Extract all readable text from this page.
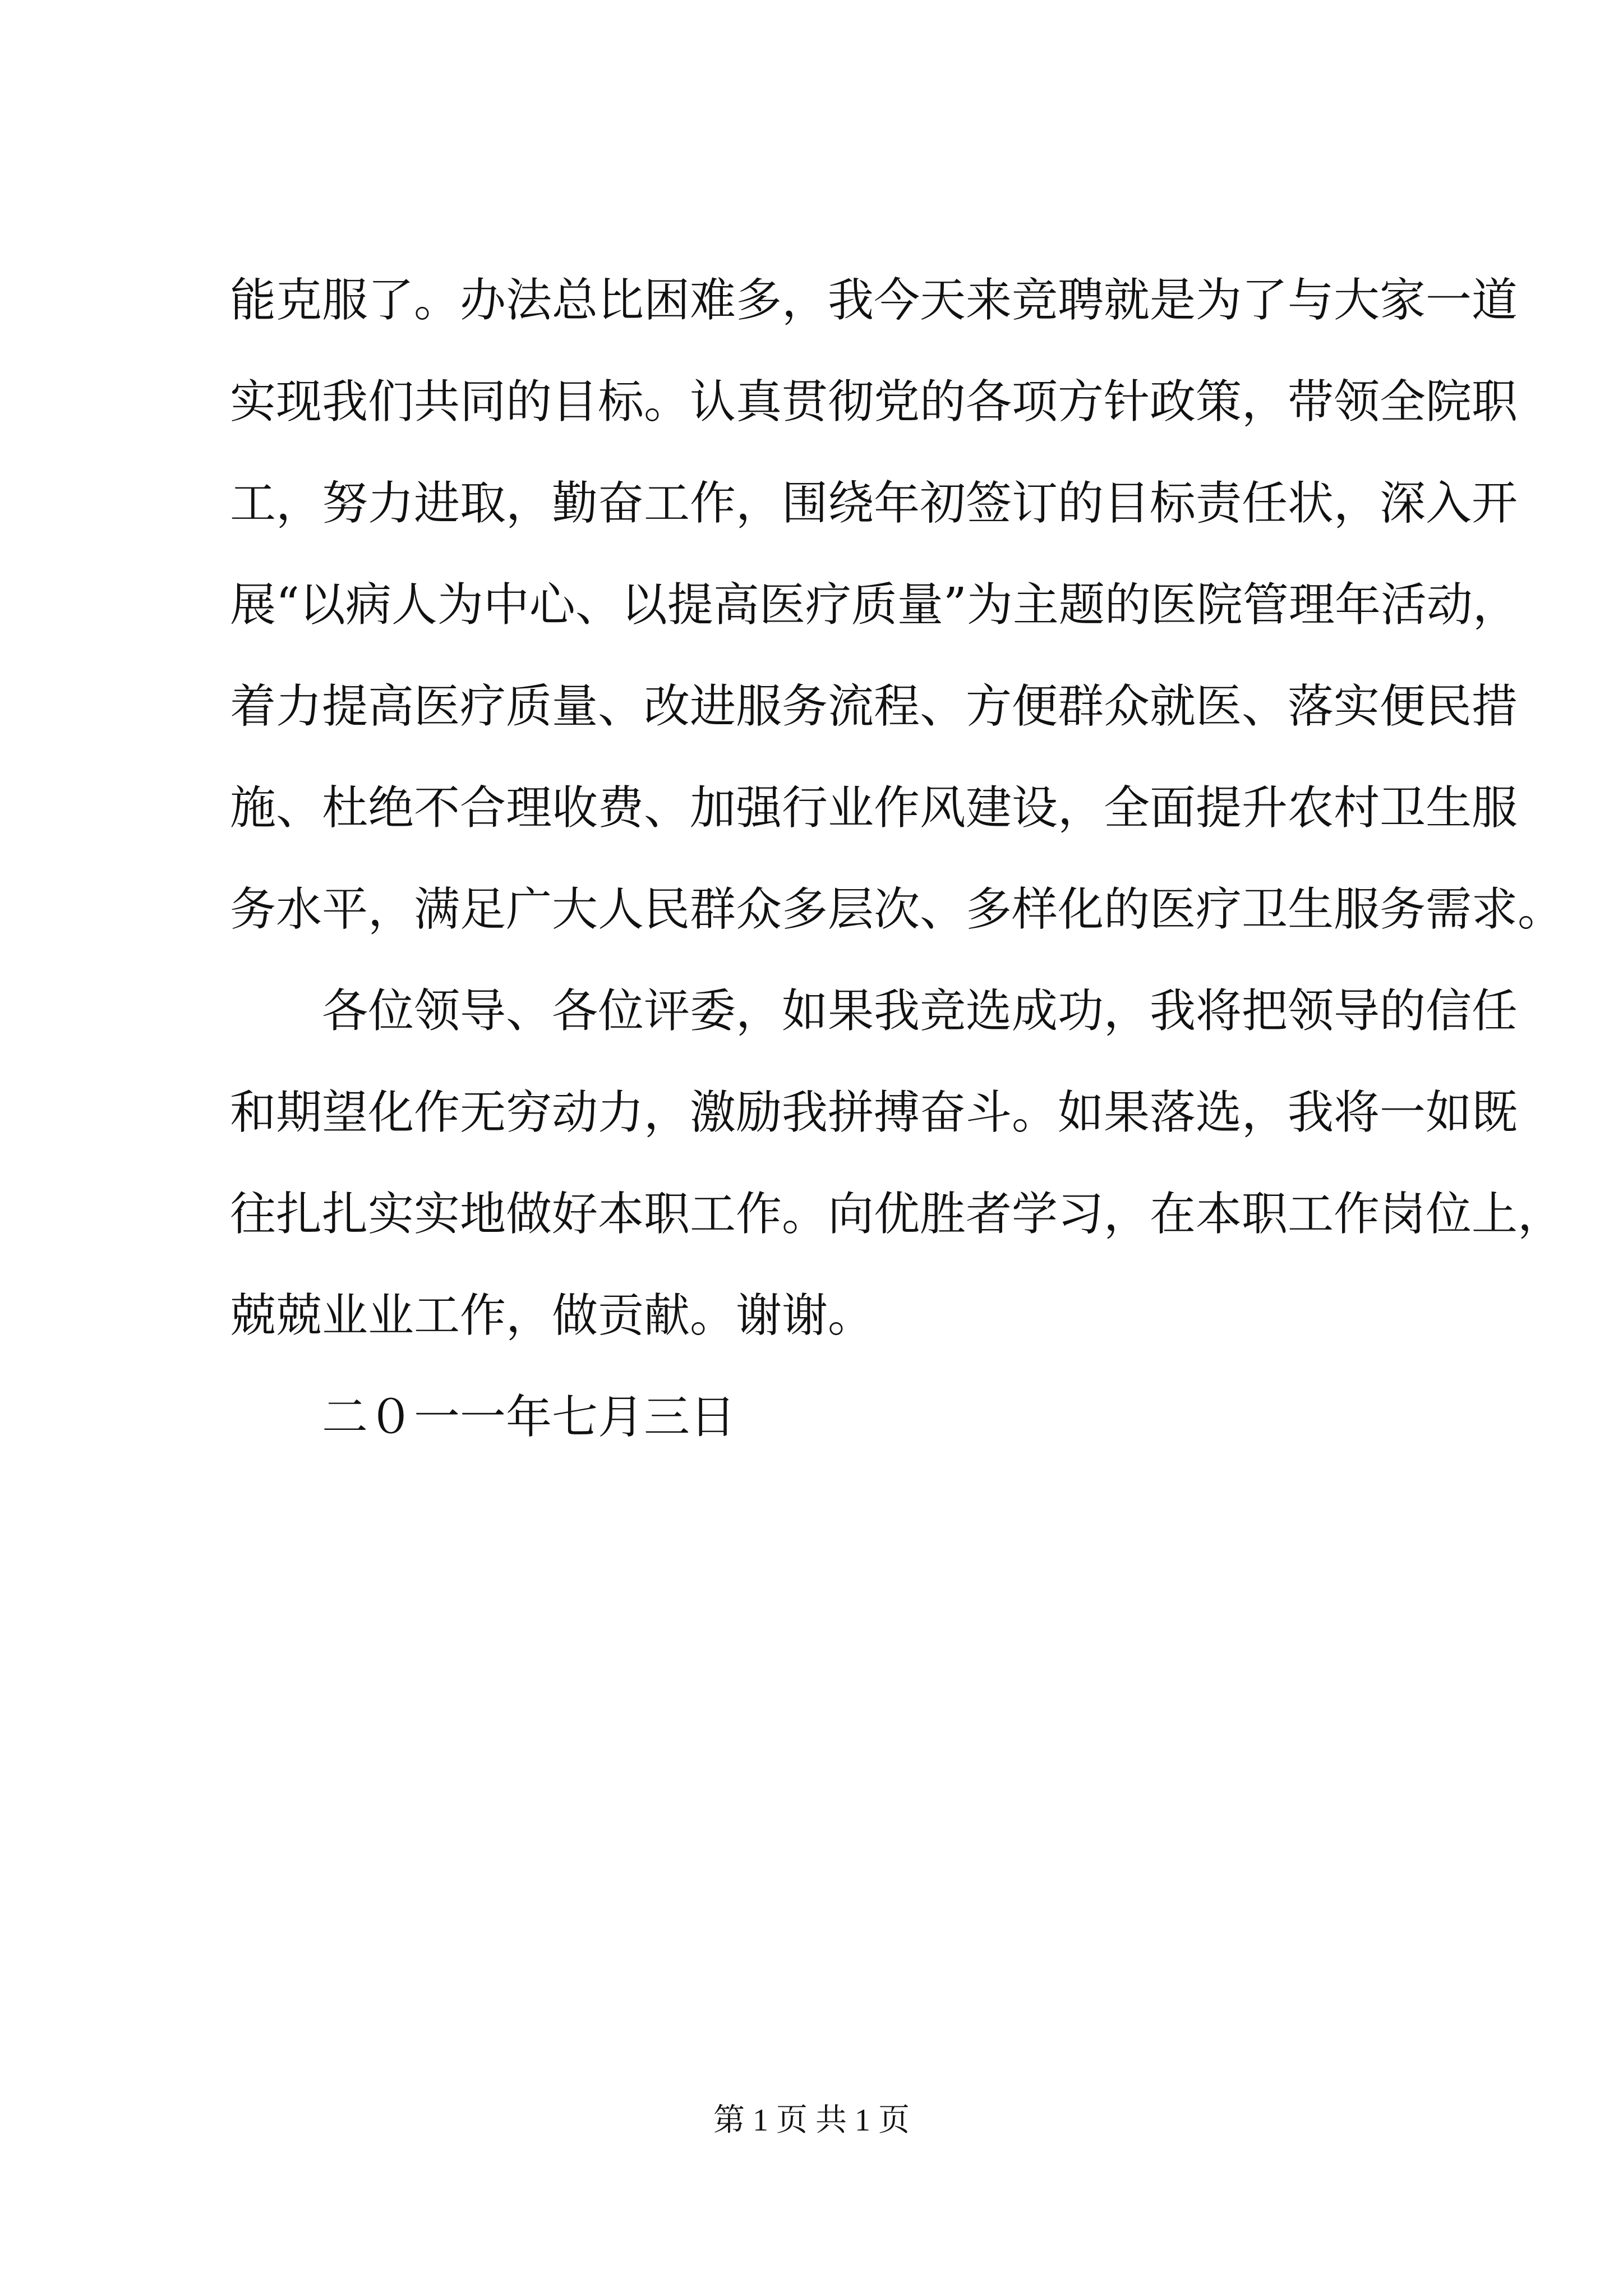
能克服了。办法总比困难多，我今天来竞聘就是为了与大家一道
实现我们共同的目标。认真贯彻党的各项方针政策，带领全院职
工，努力进取，勤奋工作，围绕年初签订的目标责任状，深入开
展“以病人为中心、以提高医疗质量”为主题的医院管理年活动，
着力提高医疗质量、改进服务流程、方便群众就医、落实便民措
施、杜绝不合理收费、加强行业作风建设，全面提升农村卫生服
务水平，满足广大人民群众多层次、多样化的医疗卫生服务需求。
各位领导、各位评委，如果我竞选成功，我将把领导的信任
和期望化作无穷动力，激励我拼搏奋斗。如果落选，我将一如既
往扎扎实实地做好本职工作。向优胜者学习，在本职工作岗位上，
兢兢业业工作，做贡献。谢谢。
二０一一年七月三日
第 1 页 共 1 页
